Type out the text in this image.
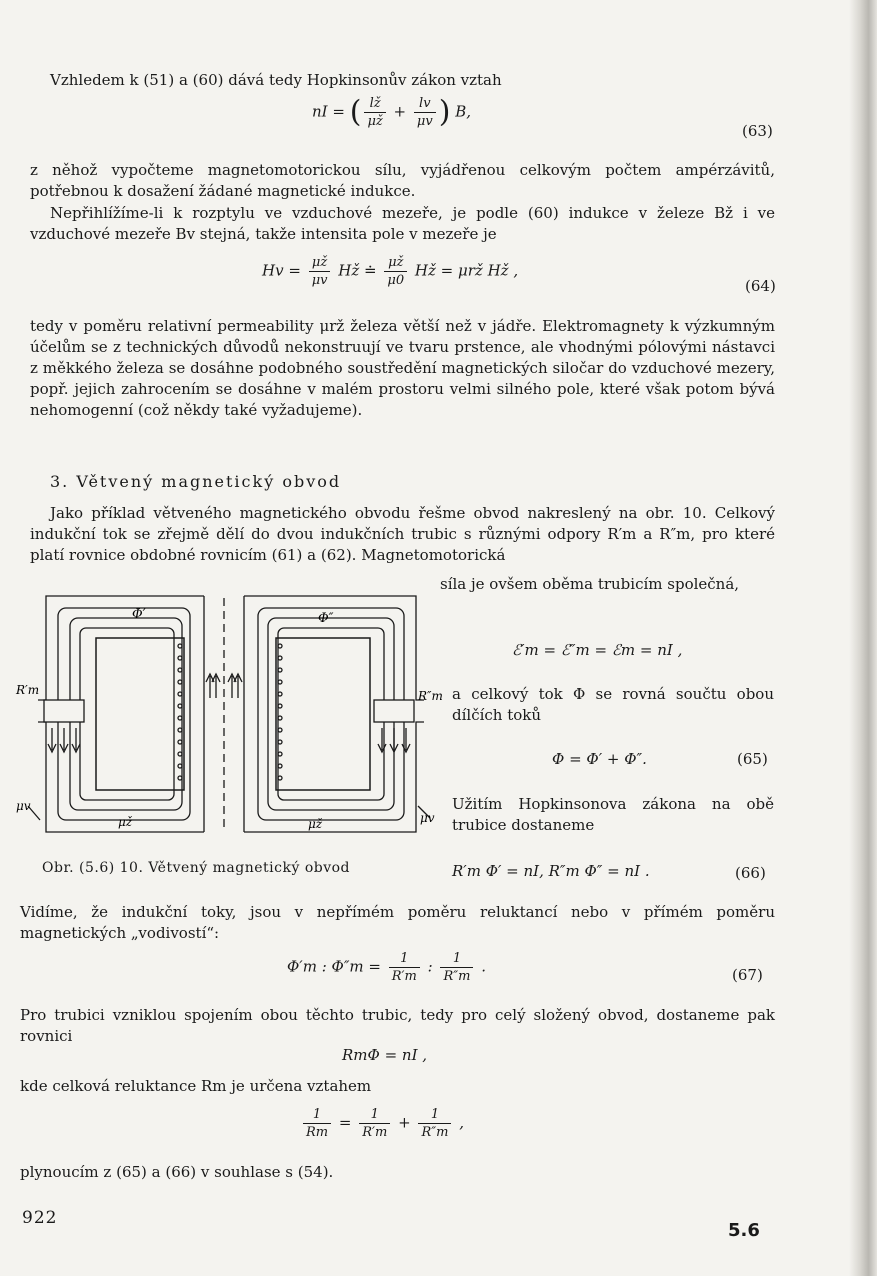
Vzhledem k (51) a (60) dává tedy Hopkinsonův zákon vztah
nI = ( $\frac{lž}{\mu ž} + \frac{lv}{\mu v}$ ) B,
(63)
z něhož vypočteme magnetomotorickou sílu, vyjádřenou celkovým počtem ampérzávitů, potřebnou k dosažení žádané magnetické indukce.
Nepřihlížíme-li k rozptylu ve vzduchové mezeře, je podle (60) indukce v železe Bž i ve vzduchové mezeře Bv stejná, takže intensita pole v mezeře je
$Hv = \frac{\mu ž}{\mu v}$ Hž ≐ $\frac{\mu ž}{\mu 0}$ Hž = μrž Hž ,
(64)
tedy v poměru relativní permeability μrž železa větší než v jádře. Elektromagnety k výzkumným účelům se z technických důvodů nekonstruují ve tvaru prstence, ale vhodnými pólovými nástavci z měkkého železa se dosáhne podobného soustředění magnetických siločar do vzduchové mezery, popř. jejich zahrocením se dosáhne v malém prostoru velmi silného pole, které však potom bývá nehomogenní (což někdy také vyžadujeme).
3. Větvený magnetický obvod
Jako příklad větveného magnetického obvodu řešme obvod nakreslený na obr. 10. Celkový indukční tok se zřejmě dělí do dvou indukčních trubic s různými odpory R′m a R″m, pro které platí rovnice obdobné rovnicím (61) a (62). Magnetomotorická
síla je ovšem oběma trubicím společná,
ℰ′m = ℰ″m = ℰm = nI ,
a celkový tok Φ se rovná součtu obou dílčích toků
Φ = Φ′ + Φ″.	(65)
Užitím Hopkinsonova zákona na obě trubice dostaneme
Φ′	Φ″
R′m	R″m
μv
μv
μž	μž
Obr. (5.6) 10. Větvený magnetický obvod	R′m Φ′ = nI, R″m Φ″ = nI .	(66)
Vidíme, že indukční toky, jsou v nepřímém poměru reluktancí nebo v přímém poměru magnetických „vodivostí“:
Φ′m : $\Phi''m = \frac{1}{R'm}$ : $\frac{1}{R''m}$ .	(67)
Pro trubici vzniklou spojením obou těchto trubic, tedy pro celý složený obvod, dostaneme pak rovnici
RmΦ = nI ,
kde celková reluktance Rm je určena vztahem
$\frac{1}{Rm} = \frac{1}{R'm} + \frac{1}{R''m}$ ,
plynoucím z (65) a (66) v souhlase s (54).
922
5.6
